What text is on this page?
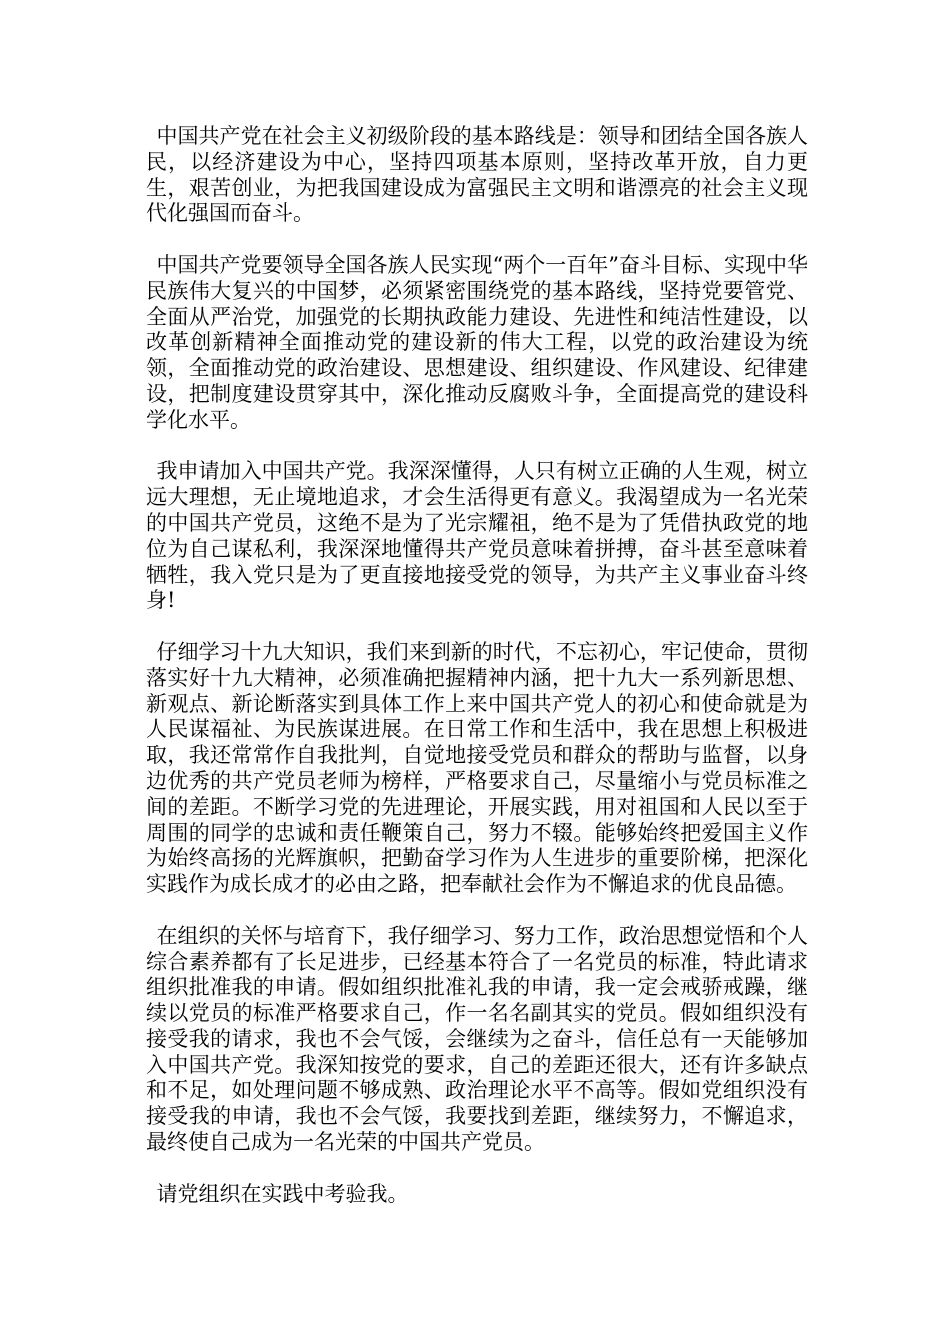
中国共产党在社会主义初级阶段的基本路线是：领导和团结全国各族人民，以经济建设为中心，坚持四项基本原则，坚持改革开放，自力更生，艰苦创业，为把我国建设成为富强民主文明和谐漂亮的社会主义现代化强国而奋斗。

中国共产党要领导全国各族人民实现“两个一百年”奋斗目标、实现中华民族伟大复兴的中国梦，必须紧密围绕党的基本路线，坚持党要管党、全面从严治党，加强党的长期执政能力建设、先进性和纯洁性建设，以改革创新精神全面推动党的建设新的伟大工程，以党的政治建设为统领，全面推动党的政治建设、思想建设、组织建设、作风建设、纪律建设，把制度建设贯穿其中，深化推动反腐败斗争，全面提高党的建设科学化水平。

我申请加入中国共产党。我深深懂得，人只有树立正确的人生观，树立远大理想，无止境地追求，才会生活得更有意义。我渴望成为一名光荣的中国共产党员，这绝不是为了光宗耀祖，绝不是为了凭借执政党的地位为自己谋私利，我深深地懂得共产党员意味着拼搏，奋斗甚至意味着牺牲，我入党只是为了更直接地接受党的领导，为共产主义事业奋斗终身!

仔细学习十九大知识，我们来到新的时代，不忘初心，牢记使命，贯彻落实好十九大精神，必须准确把握精神内涵，把十九大一系列新思想、新观点、新论断落实到具体工作上来中国共产党人的初心和使命就是为人民谋福祉、为民族谋进展。在日常工作和生活中，我在思想上积极进取，我还常常作自我批判，自觉地接受党员和群众的帮助与监督，以身边优秀的共产党员老师为榜样，严格要求自己，尽量缩小与党员标准之间的差距。不断学习党的先进理论，开展实践，用对祖国和人民以至于周围的同学的忠诚和责任鞭策自己，努力不辍。能够始终把爱国主义作为始终高扬的光辉旗帜，把勤奋学习作为人生进步的重要阶梯，把深化实践作为成长成才的必由之路，把奉献社会作为不懈追求的优良品德。

在组织的关怀与培育下，我仔细学习、努力工作，政治思想觉悟和个人综合素养都有了长足进步，已经基本符合了一名党员的标准，特此请求组织批准我的申请。假如组织批准礼我的申请，我一定会戒骄戒躁，继续以党员的标准严格要求自己，作一名名副其实的党员。假如组织没有接受我的请求，我也不会气馁，会继续为之奋斗，信任总有一天能够加入中国共产党。我深知按党的要求，自己的差距还很大，还有许多缺点和不足，如处理问题不够成熟、政治理论水平不高等。假如党组织没有接受我的申请，我也不会气馁，我要找到差距，继续努力，不懈追求，最终使自己成为一名光荣的中国共产党员。

请党组织在实践中考验我。
